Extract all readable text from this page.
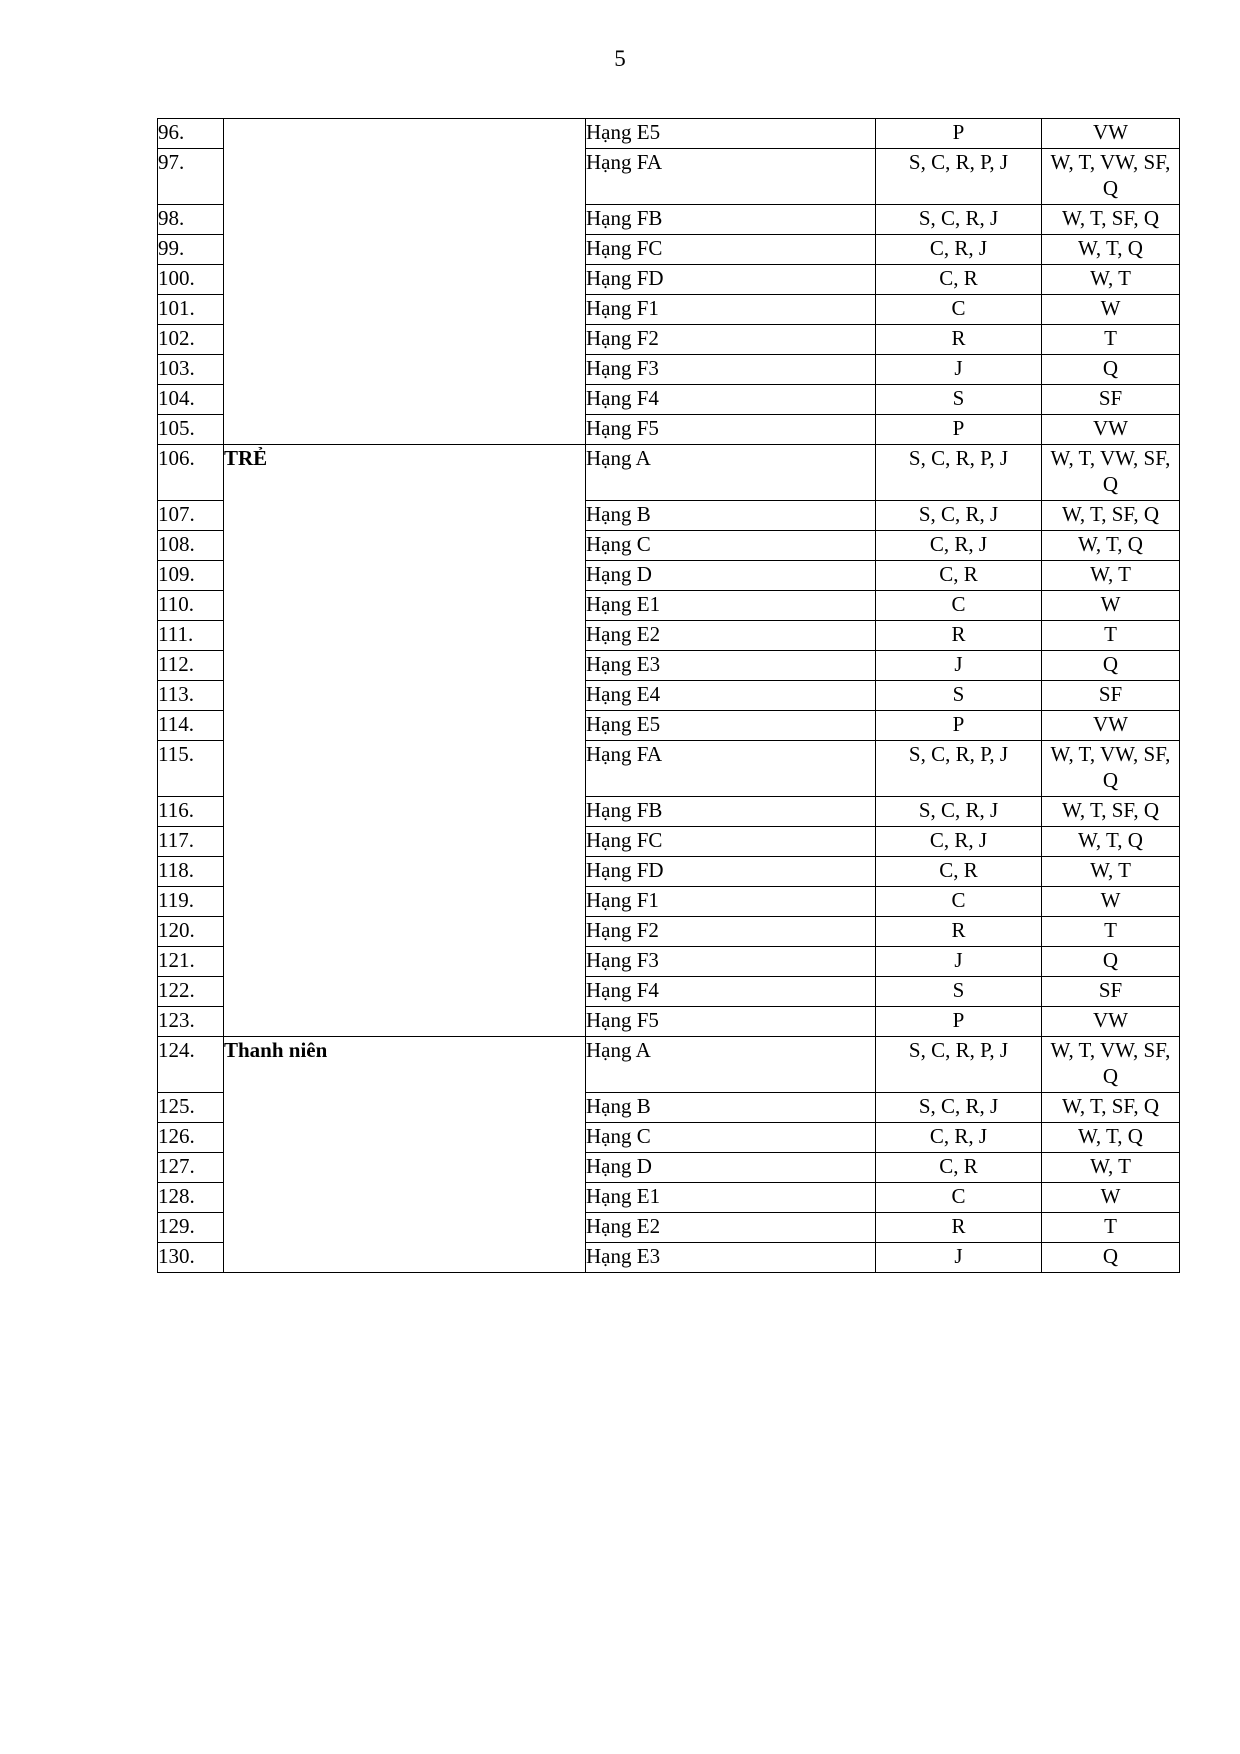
5
96.		Hạng E5	P	VW
97.		Hạng FA	S, C, R, P, J	W, T, VW, SF, Q
98.		Hạng FB	S, C, R, J	W, T, SF, Q
99.		Hạng FC	C, R, J	W, T, Q
100.		Hạng FD	C, R	W, T
101.		Hạng F1	C	W
102.		Hạng F2	R	T
103.		Hạng F3	J	Q
104.		Hạng F4	S	SF
105.		Hạng F5	P	VW
106.	TRẺ	Hạng A	S, C, R, P, J	W, T, VW, SF, Q
107.		Hạng B	S, C, R, J	W, T, SF, Q
108.		Hạng C	C, R, J	W, T, Q
109.		Hạng D	C, R	W, T
110.		Hạng E1	C	W
111.		Hạng E2	R	T
112.		Hạng E3	J	Q
113.		Hạng E4	S	SF
114.		Hạng E5	P	VW
115.		Hạng FA	S, C, R, P, J	W, T, VW, SF, Q
116.		Hạng FB	S, C, R, J	W, T, SF, Q
117.		Hạng FC	C, R, J	W, T, Q
118.		Hạng FD	C, R	W, T
119.		Hạng F1	C	W
120.		Hạng F2	R	T
121.		Hạng F3	J	Q
122.		Hạng F4	S	SF
123.		Hạng F5	P	VW
124.	Thanh niên	Hạng A	S, C, R, P, J	W, T, VW, SF, Q
125.		Hạng B	S, C, R, J	W, T, SF, Q
126.		Hạng C	C, R, J	W, T, Q
127.		Hạng D	C, R	W, T
128.		Hạng E1	C	W
129.		Hạng E2	R	T
130.		Hạng E3	J	Q
